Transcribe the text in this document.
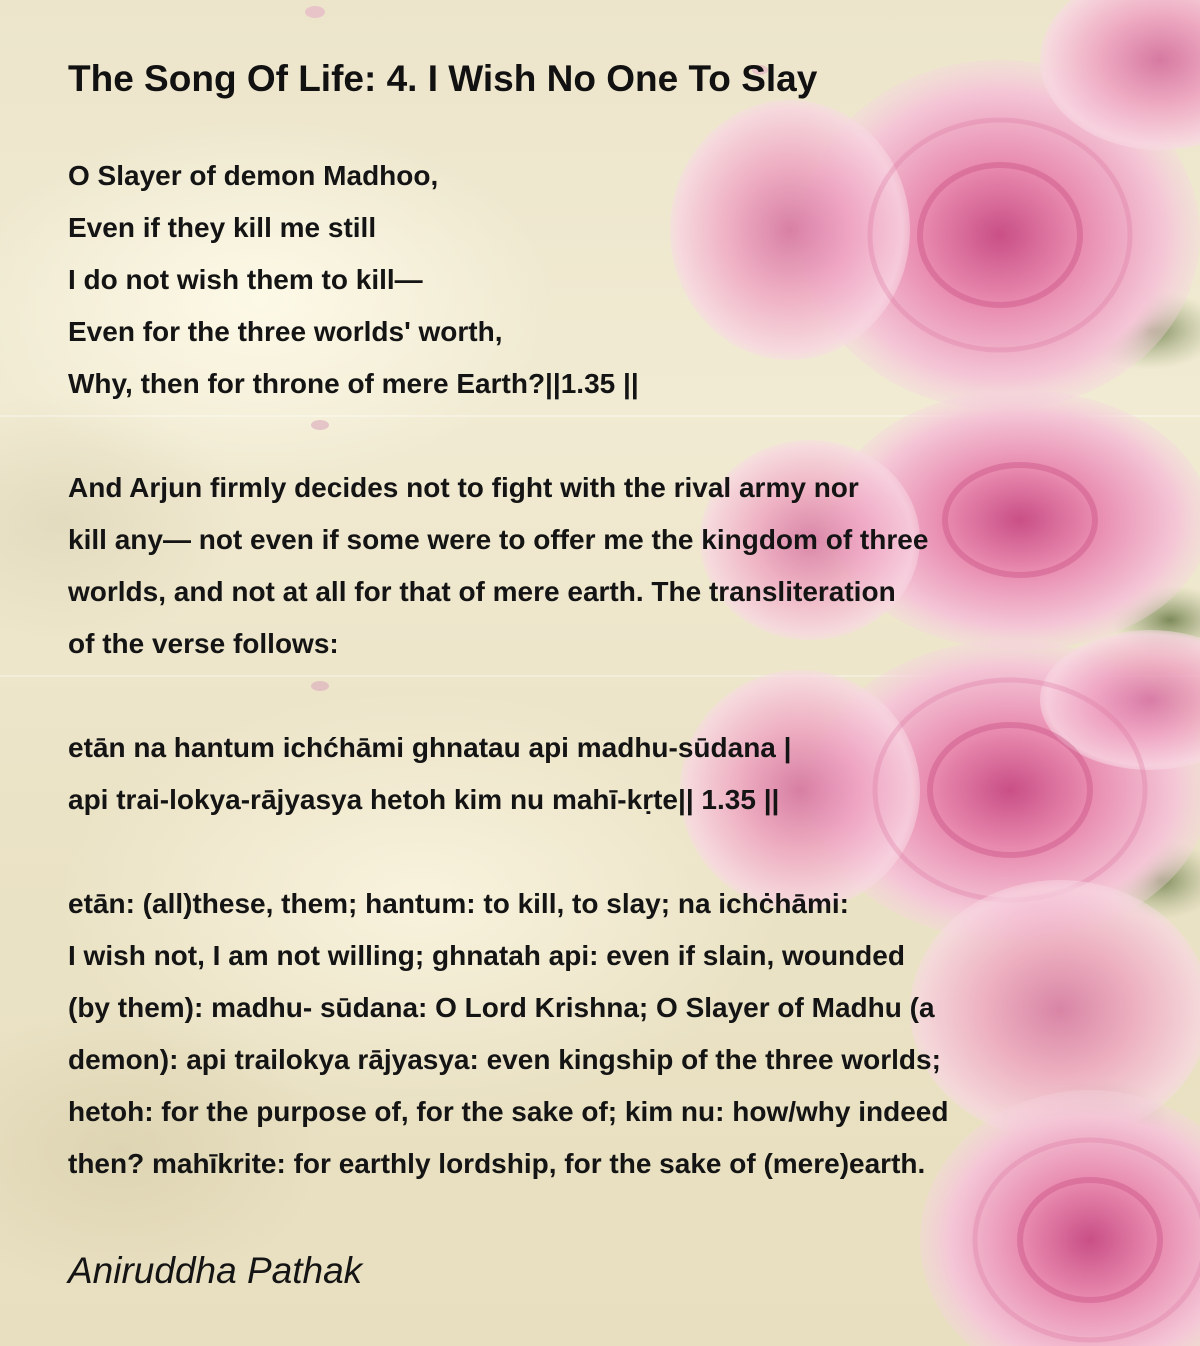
The Song Of Life: 4. I Wish No One To Slay
O Slayer of demon Madhoo,
Even if they kill me still
I do not wish them to kill—
Even for the three worlds' worth,
Why, then for throne of mere Earth?||1.35 ||
And Arjun firmly decides not to fight with the rival army nor
kill any— not even if some were to offer me the kingdom of three
worlds, and not at all for that of mere earth. The transliteration
of the verse follows:
etān na hantum ichćhāmi ghnatau api madhu-sūdana |
api trai-lokya-rājyasya hetoh kim nu mahī-kṛte|| 1.35 ||
etān: (all)these, them; hantum: to kill, to slay; na ichċhāmi:
I wish not, I am not willing; ghnatah api: even if slain, wounded
(by them): madhu- sūdana: O Lord Krishna; O Slayer of Madhu (a
demon): api trailokya rājyasya: even kingship of the three worlds;
hetoh: for the purpose of, for the sake of; kim nu: how/why indeed
then? mahīkrite: for earthly lordship, for the sake of (mere)earth.

Aniruddha Pathak
